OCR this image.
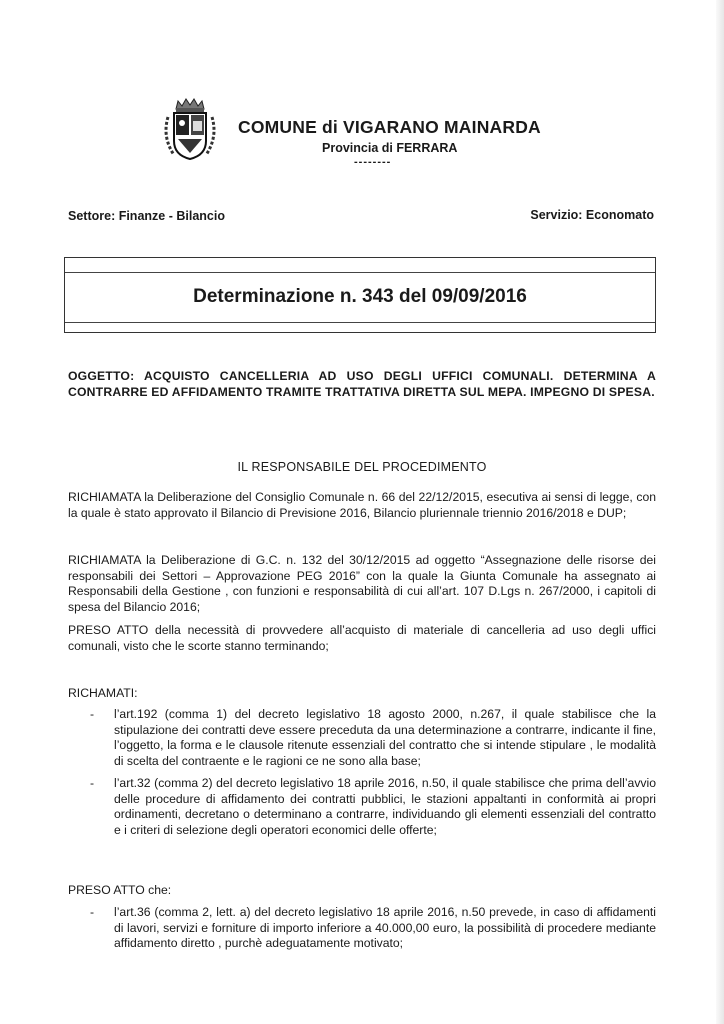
COMUNE di VIGARANO MAINARDA
Provincia di FERRARA
--------
Settore: Finanze - Bilancio	Servizio: Economato
Determinazione n. 343 del 09/09/2016
OGGETTO: ACQUISTO CANCELLERIA AD USO DEGLI UFFICI COMUNALI. DETERMINA A CONTRARRE ED AFFIDAMENTO TRAMITE TRATTATIVA DIRETTA SUL MEPA. IMPEGNO DI SPESA.
IL RESPONSABILE DEL PROCEDIMENTO
RICHIAMATA la Deliberazione del Consiglio Comunale n. 66 del 22/12/2015, esecutiva ai sensi di legge, con la quale è stato approvato il Bilancio di Previsione 2016, Bilancio pluriennale triennio 2016/2018 e DUP;
RICHIAMATA la Deliberazione di G.C. n. 132 del 30/12/2015 ad oggetto “Assegnazione delle risorse dei responsabili dei Settori – Approvazione PEG 2016” con la quale la Giunta Comunale ha assegnato ai Responsabili della Gestione , con funzioni e responsabilità di cui all’art. 107 D.Lgs n. 267/2000, i capitoli di spesa del Bilancio 2016;
PRESO ATTO della necessità di provvedere all’acquisto di materiale di cancelleria ad uso degli uffici comunali, visto che le scorte stanno terminando;
RICHAMATI:
- l’art.192 (comma 1) del decreto legislativo 18 agosto 2000, n.267, il quale stabilisce che la stipulazione dei contratti deve essere preceduta da una determinazione a contrarre, indicante il fine, l’oggetto, la forma e le clausole ritenute essenziali del contratto che si intende stipulare , le modalità di scelta del contraente e le ragioni ce ne sono alla base;
- l’art.32 (comma 2) del decreto legislativo 18 aprile 2016, n.50, il quale stabilisce che prima dell’avvio delle procedure di affidamento dei contratti pubblici, le stazioni appaltanti in conformità ai propri ordinamenti, decretano o determinano a contrarre, individuando gli elementi essenziali del contratto e i criteri di selezione degli operatori economici delle offerte;
PRESO ATTO che:
- l’art.36 (comma 2, lett. a) del decreto legislativo 18 aprile 2016, n.50 prevede, in caso di affidamenti di lavori, servizi e forniture di importo inferiore a 40.000,00 euro, la possibilità di procedere mediante affidamento diretto , purchè adeguatamente motivato;
